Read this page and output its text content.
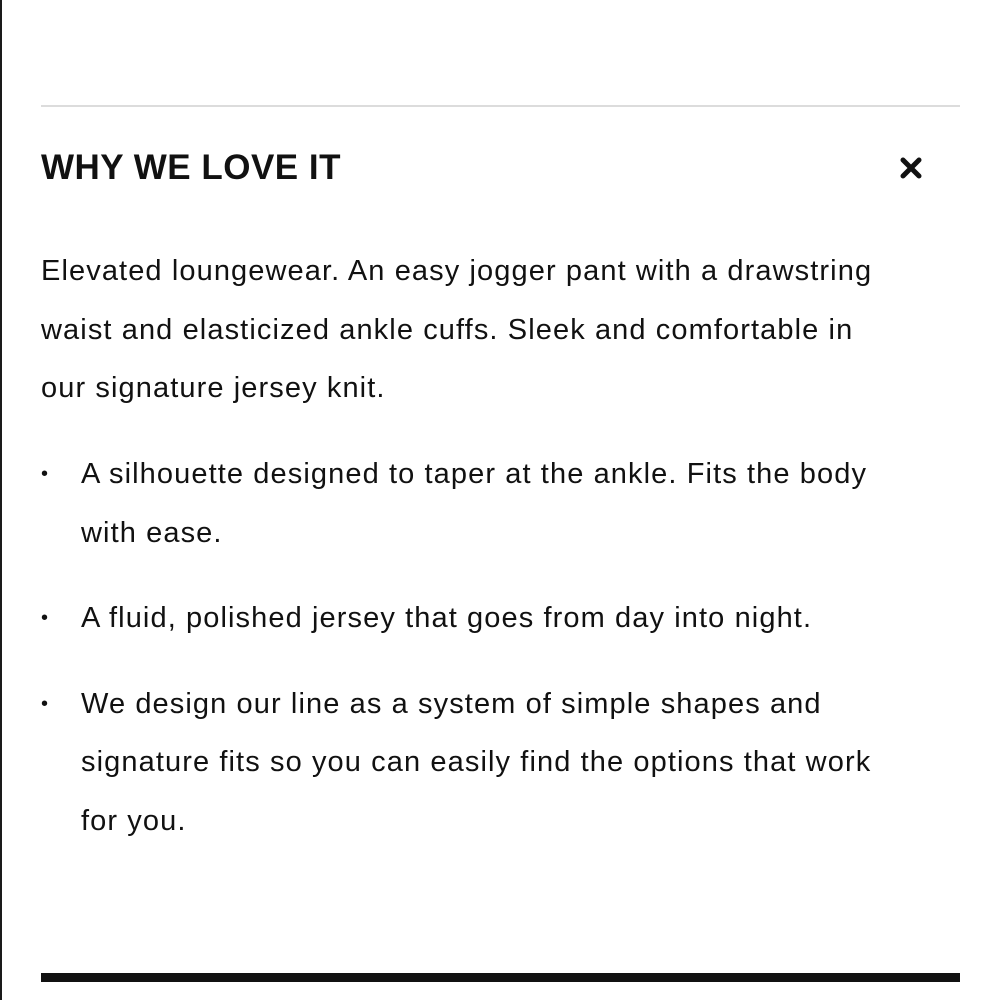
WHY WE LOVE IT

Elevated loungewear. An easy jogger pant with a drawstring waist and elasticized ankle cuffs. Sleek and comfortable in our signature jersey knit.

• A silhouette designed to taper at the ankle. Fits the body with ease.
• A fluid, polished jersey that goes from day into night.
• We design our line as a system of simple shapes and signature fits so you can easily find the options that work for you.
